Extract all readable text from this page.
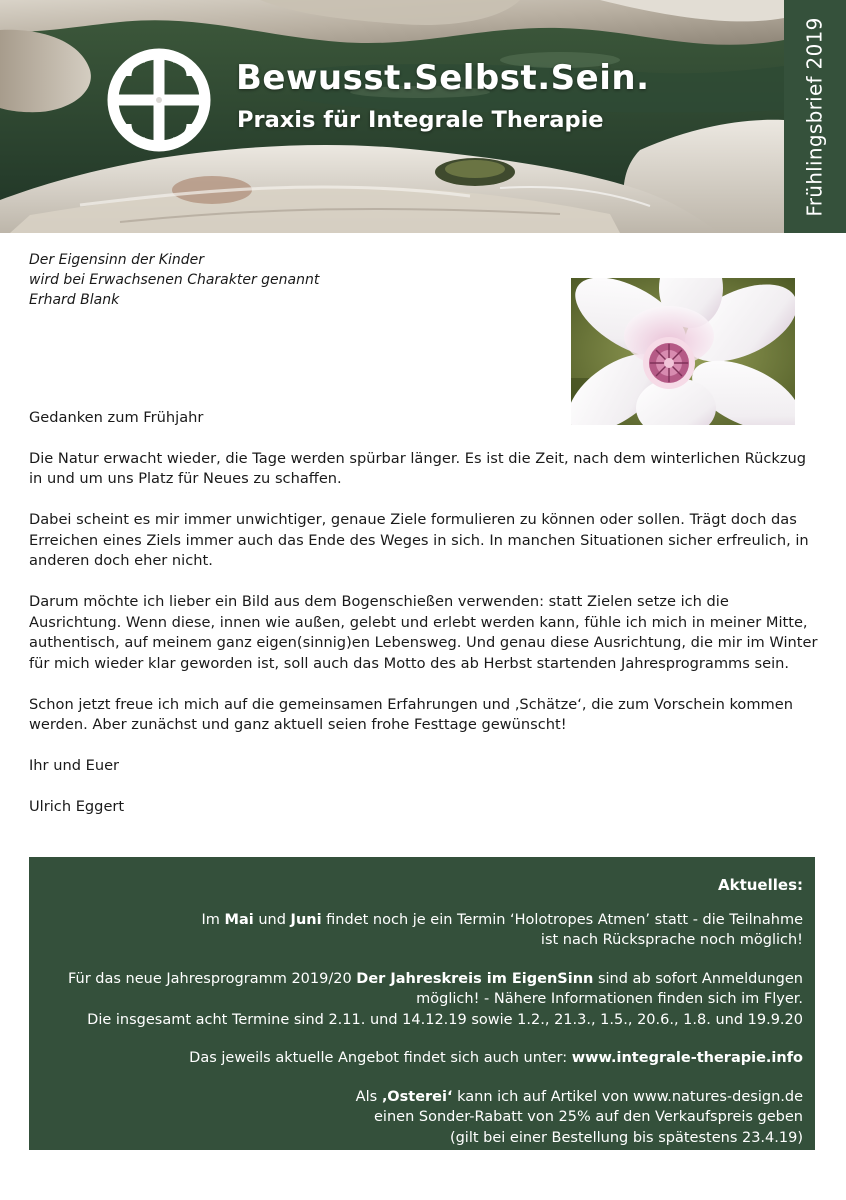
Bewusst.Selbst.Sein.
Praxis für Integrale Therapie	Frühlingsbrief 2019

Der Eigensinn der Kinder

wird bei Erwachsenen Charakter genannt

Erhard Blank

Gedanken zum Frühjahr

Die Natur erwacht wieder, die Tage werden spürbar länger. Es ist die Zeit, nach dem winterlichen Rückzug in und um uns Platz für Neues zu schaffen.

Dabei scheint es mir immer unwichtiger, genaue Ziele formulieren zu können oder sollen. Trägt doch das Erreichen eines Ziels immer auch das Ende des Weges in sich. In manchen Situationen sicher erfreulich, in anderen doch eher nicht.

Darum möchte ich lieber ein Bild aus dem Bogenschießen verwenden: statt Zielen setze ich die Ausrichtung. Wenn diese, innen wie außen, gelebt und erlebt werden kann, fühle ich mich in meiner Mitte, authentisch, auf meinem ganz eigen(sinnig)en Lebensweg. Und genau diese Ausrichtung, die mir im Winter für mich wieder klar geworden ist, soll auch das Motto des ab Herbst startenden Jahresprogramms sein.

Schon jetzt freue ich mich auf die gemeinsamen Erfahrungen und ‚Schätze‘, die zum Vorschein kommen werden. Aber zunächst und ganz aktuell seien frohe Festtage gewünscht!

Ihr und Euer

Ulrich Eggert

Aktuelles:

Im Mai und Juni findet noch je ein Termin ‘Holotropes Atmen’ statt - die Teilnahme
ist nach Rücksprache noch möglich!

Für das neue Jahresprogramm 2019/20 Der Jahreskreis im EigenSinn sind ab sofort Anmeldungen
möglich! - Nähere Informationen finden sich im Flyer.
Die insgesamt acht Termine sind 2.11. und 14.12.19 sowie 1.2., 21.3., 1.5., 20.6., 1.8. und 19.9.20

Das jeweils aktuelle Angebot findet sich auch unter: www.integrale-therapie.info

Als ‚Osterei‘ kann ich auf Artikel von www.natures-design.de
einen Sonder-Rabatt von 25% auf den Verkaufspreis geben
(gilt bei einer Bestellung bis spätestens 23.4.19)
